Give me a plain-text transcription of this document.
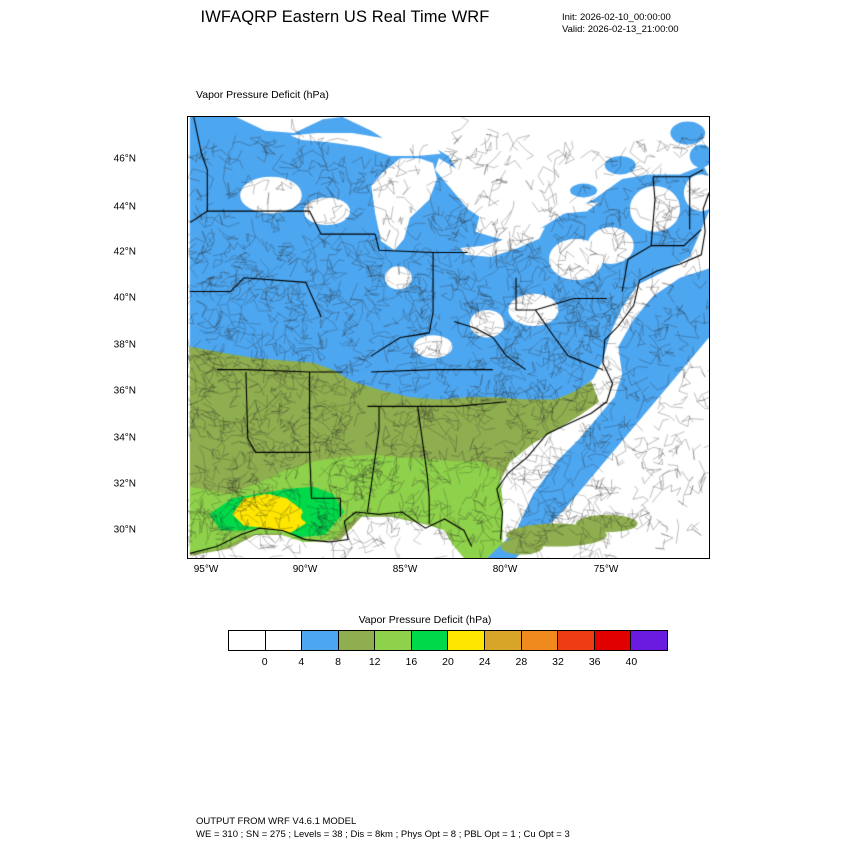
IWFAQRP Eastern US Real Time WRF	Init: 2026-02-10_00:00:00
Valid: 2026-02-13_21:00:00
Vapor Pressure Deficit (hPa)
46°N
44°N
42°N
40°N
38°N
36°N
34°N
32°N
30°N
95°W	90°W	85°W	80°W	75°W
Vapor Pressure Deficit (hPa)
0	4	8	12 16 20 24 28 32 36 40
OUTPUT FROM WRF V4.6.1 MODEL
WE = 310 ; SN = 275 ; Levels = 38 ; Dis = 8km ; Phys Opt = 8 ; PBL Opt = 1 ; Cu Opt = 3
